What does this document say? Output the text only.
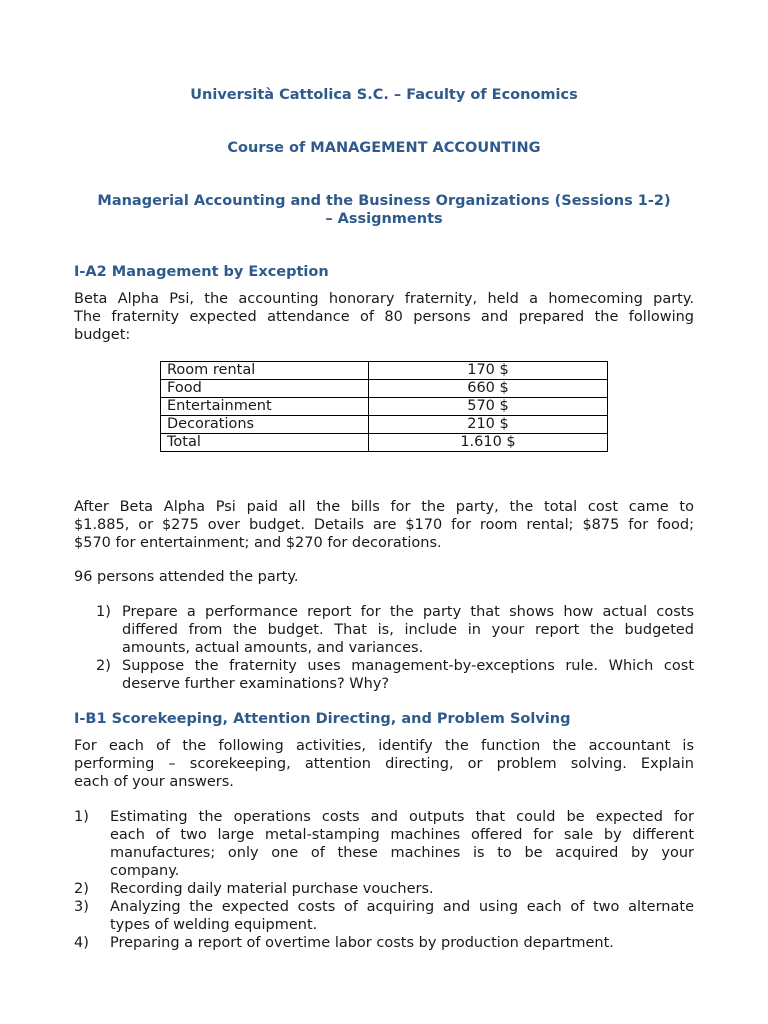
Università Cattolica S.C. – Faculty of Economics
Course of MANAGEMENT ACCOUNTING
Managerial Accounting and the Business Organizations (Sessions 1-2)
– Assignments
I-A2 Management by Exception
Beta Alpha Psi, the accounting honorary fraternity, held a homecoming party.
The fraternity expected attendance of 80 persons and prepared the following
budget:
Room rental	170 $
Food	660 $
Entertainment	570 $
Decorations	210 $
Total	1.610 $
After Beta Alpha Psi paid all the bills for the party, the total cost came to
$1.885, or $275 over budget. Details are $170 for room rental; $875 for food;
$570 for entertainment; and $270 for decorations.
96 persons attended the party.
1) Prepare a performance report for the party that shows how actual costs
differed from the budget. That is, include in your report the budgeted
amounts, actual amounts, and variances.
2) Suppose the fraternity uses management-by-exceptions rule. Which cost
deserve further examinations? Why?
I-B1 Scorekeeping, Attention Directing, and Problem Solving
For each of the following activities, identify the function the accountant is
performing – scorekeeping, attention directing, or problem solving. Explain
each of your answers.
1) Estimating the operations costs and outputs that could be expected for
each of two large metal-stamping machines offered for sale by different
manufactures; only one of these machines is to be acquired by your
company.
2) Recording daily material purchase vouchers.
3) Analyzing the expected costs of acquiring and using each of two alternate
types of welding equipment.
4) Preparing a report of overtime labor costs by production department.
